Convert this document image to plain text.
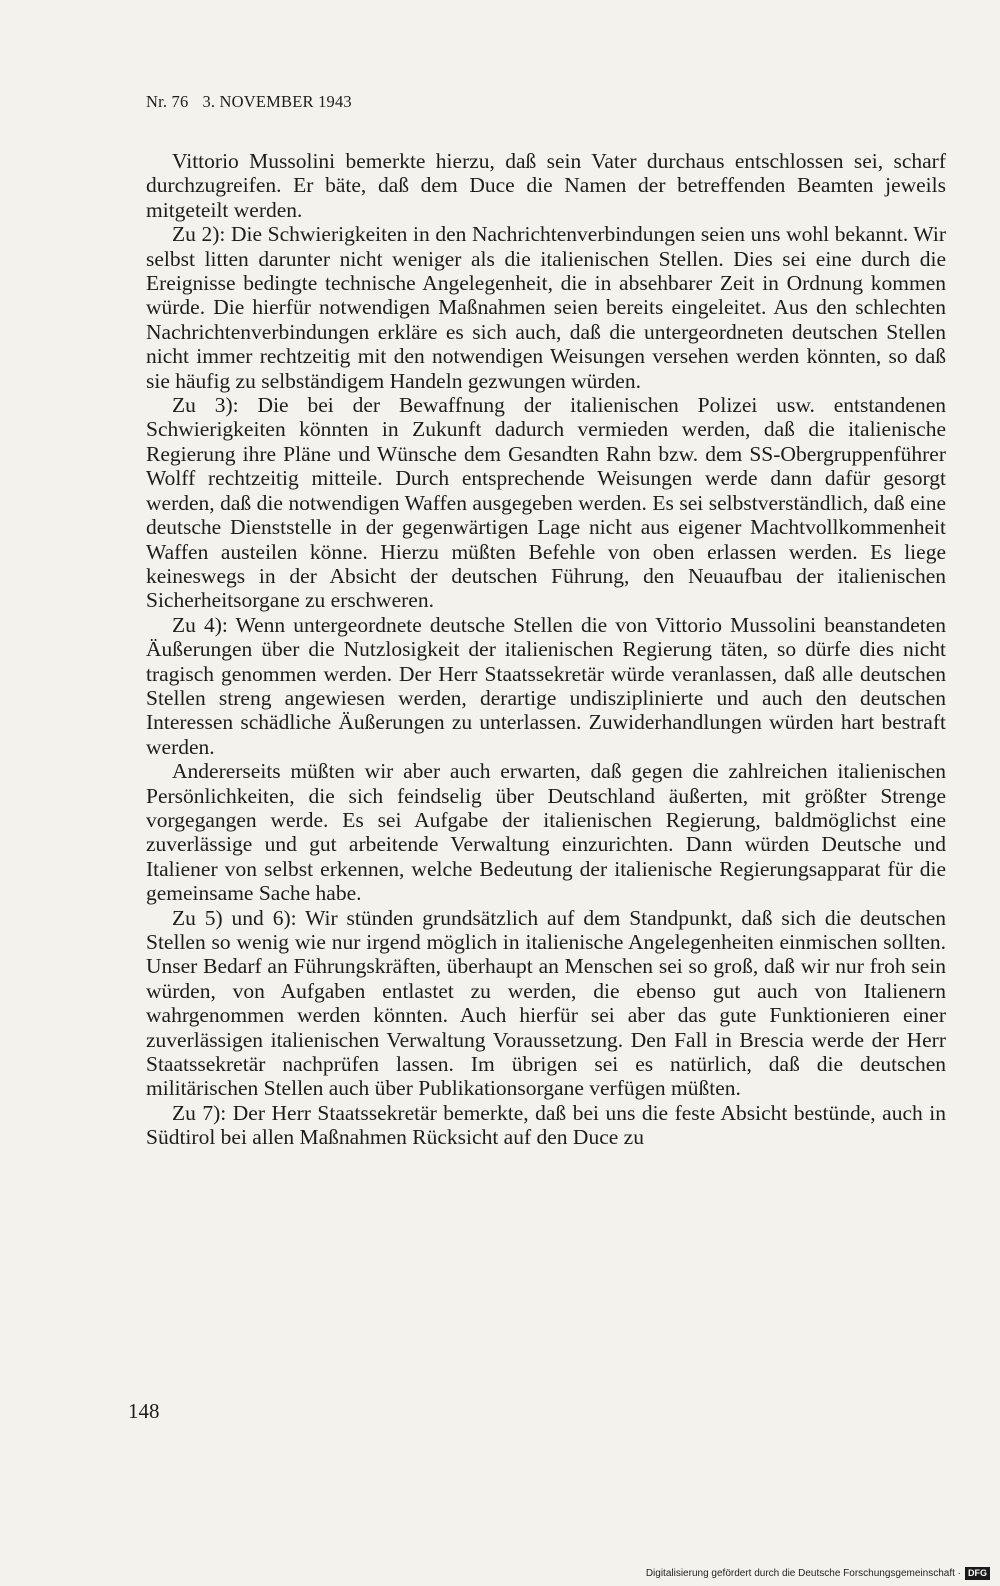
Nr. 76 3. NOVEMBER 1943

Vittorio Mussolini bemerkte hierzu, daß sein Vater durchaus entschlossen sei, scharf durchzugreifen. Er bäte, daß dem Duce die Namen der betreffenden Beamten jeweils mitgeteilt werden.

Zu 2): Die Schwierigkeiten in den Nachrichtenverbindungen seien uns wohl bekannt. Wir selbst litten darunter nicht weniger als die italienischen Stellen. Dies sei eine durch die Ereignisse bedingte technische Angelegenheit, die in absehbarer Zeit in Ordnung kommen würde. Die hierfür notwendigen Maßnahmen seien bereits eingeleitet. Aus den schlechten Nachrichtenverbindungen erkläre es sich auch, daß die untergeordneten deutschen Stellen nicht immer rechtzeitig mit den notwendigen Weisungen versehen werden könnten, so daß sie häufig zu selbständigem Handeln gezwungen würden.

Zu 3): Die bei der Bewaffnung der italienischen Polizei usw. entstandenen Schwierigkeiten könnten in Zukunft dadurch vermieden werden, daß die italienische Regierung ihre Pläne und Wünsche dem Gesandten Rahn bzw. dem SS-Obergruppenführer Wolff rechtzeitig mitteile. Durch entsprechende Weisungen werde dann dafür gesorgt werden, daß die notwendigen Waffen ausgegeben werden. Es sei selbstverständlich, daß eine deutsche Dienststelle in der gegenwärtigen Lage nicht aus eigener Machtvollkommenheit Waffen austeilen könne. Hierzu müßten Befehle von oben erlassen werden. Es liege keineswegs in der Absicht der deutschen Führung, den Neuaufbau der italienischen Sicherheitsorgane zu erschweren.

Zu 4): Wenn untergeordnete deutsche Stellen die von Vittorio Mussolini beanstandeten Äußerungen über die Nutzlosigkeit der italienischen Regierung täten, so dürfe dies nicht tragisch genommen werden. Der Herr Staatssekretär würde veranlassen, daß alle deutschen Stellen streng angewiesen werden, derartige undisziplinierte und auch den deutschen Interessen schädliche Äußerungen zu unterlassen. Zuwiderhandlungen würden hart bestraft werden.

Andererseits müßten wir aber auch erwarten, daß gegen die zahlreichen italienischen Persönlichkeiten, die sich feindselig über Deutschland äußerten, mit größter Strenge vorgegangen werde. Es sei Aufgabe der italienischen Regierung, baldmöglichst eine zuverlässige und gut arbeitende Verwaltung einzurichten. Dann würden Deutsche und Italiener von selbst erkennen, welche Bedeutung der italienische Regierungsapparat für die gemeinsame Sache habe.

Zu 5) und 6): Wir stünden grundsätzlich auf dem Standpunkt, daß sich die deutschen Stellen so wenig wie nur irgend möglich in italienische Angelegenheiten einmischen sollten. Unser Bedarf an Führungskräften, überhaupt an Menschen sei so groß, daß wir nur froh sein würden, von Aufgaben entlastet zu werden, die ebenso gut auch von Italienern wahrgenommen werden könnten. Auch hierfür sei aber das gute Funktionieren einer zuverlässigen italienischen Verwaltung Voraussetzung. Den Fall in Brescia werde der Herr Staatssekretär nachprüfen lassen. Im übrigen sei es natürlich, daß die deutschen militärischen Stellen auch über Publikationsorgane verfügen müßten.

Zu 7): Der Herr Staatssekretär bemerkte, daß bei uns die feste Absicht bestünde, auch in Südtirol bei allen Maßnahmen Rücksicht auf den Duce zu

148
Digitalisierung gefördert durch die Deutsche Forschungsgemeinschaft · DFG
